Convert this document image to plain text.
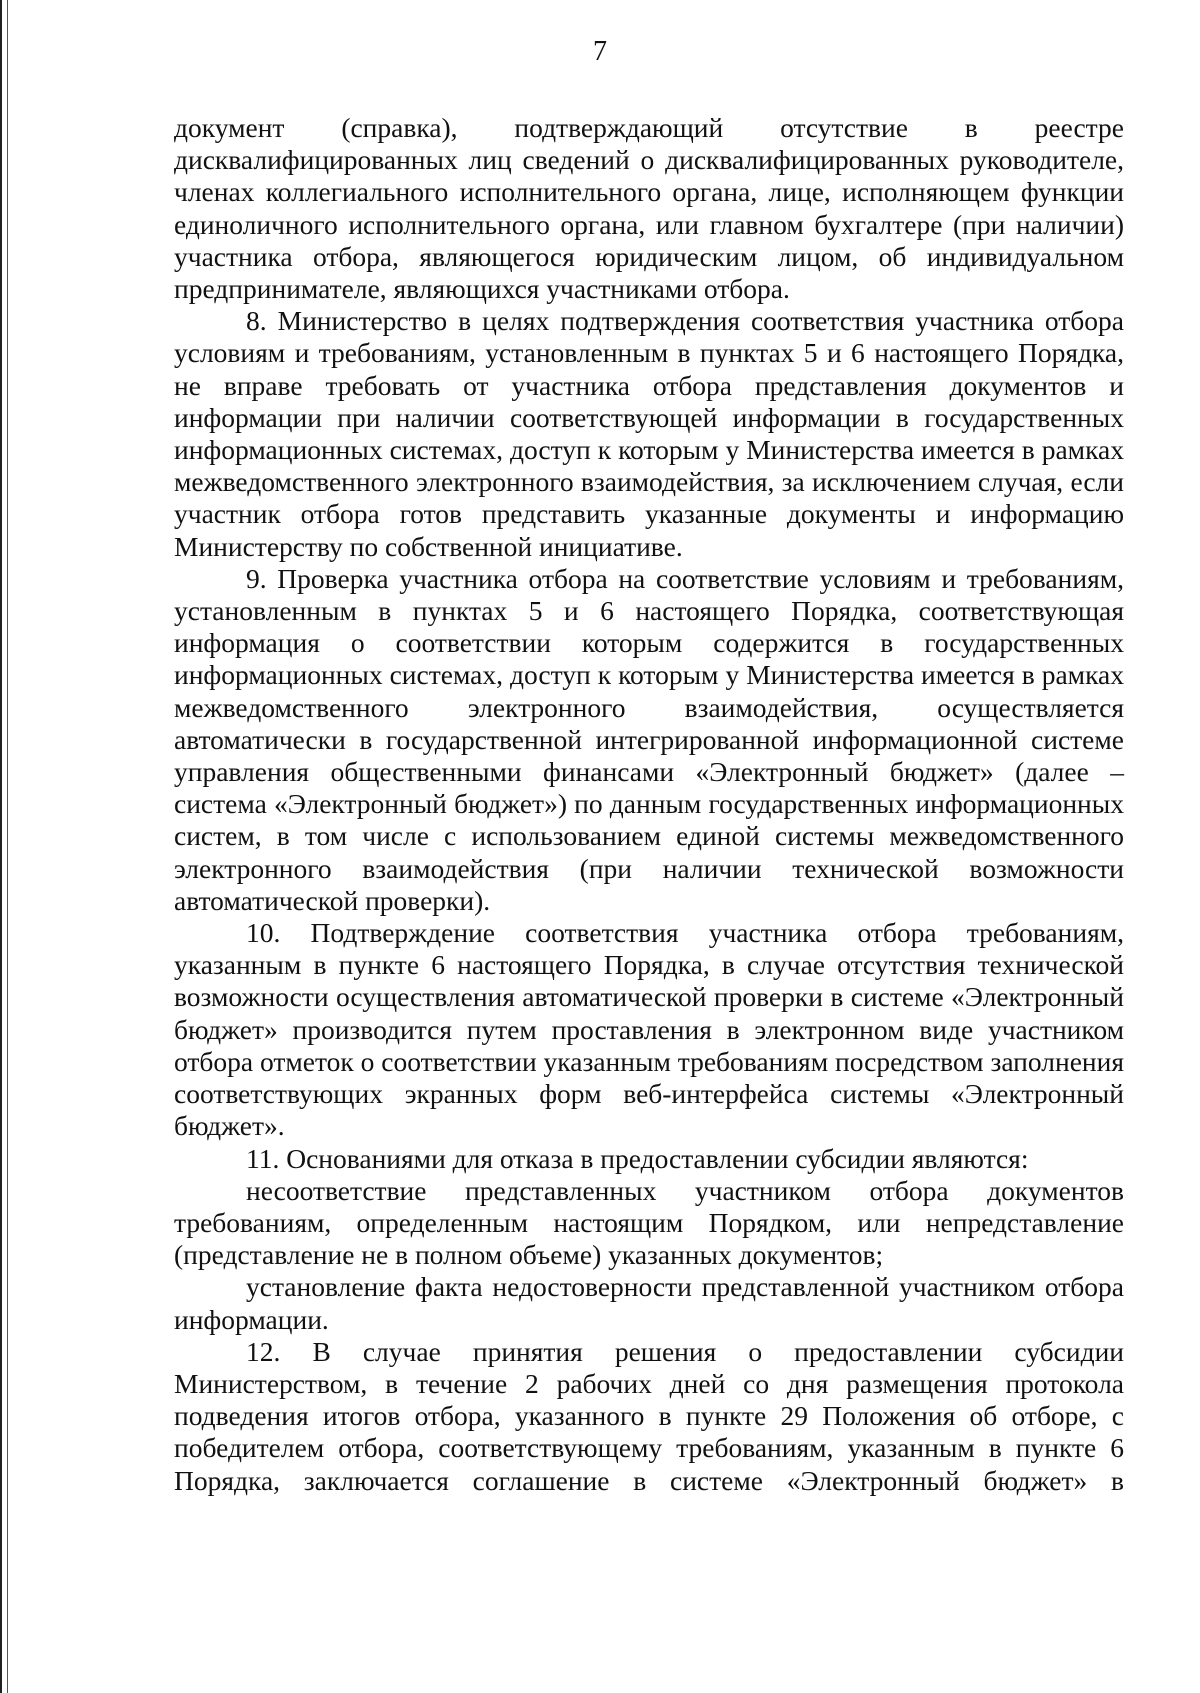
7

документ (справка), подтверждающий отсутствие в реестре дисквалифицированных лиц сведений о дисквалифицированных руководителе, членах коллегиального исполнительного органа, лице, исполняющем функции единоличного исполнительного органа, или главном бухгалтере (при наличии) участника отбора, являющегося юридическим лицом, об индивидуальном предпринимателе, являющихся участниками отбора.

8. Министерство в целях подтверждения соответствия участника отбора условиям и требованиям, установленным в пунктах 5 и 6 настоящего Порядка, не вправе требовать от участника отбора представления документов и информации при наличии соответствующей информации в государственных информационных системах, доступ к которым у Министерства имеется в рамках межведомственного электронного взаимодействия, за исключением случая, если участник отбора готов представить указанные документы и информацию Министерству по собственной инициативе.

9. Проверка участника отбора на соответствие условиям и требованиям, установленным в пунктах 5 и 6 настоящего Порядка, соответствующая информация о соответствии которым содержится в государственных информационных системах, доступ к которым у Министерства имеется в рамках межведомственного электронного взаимодействия, осуществляется автоматически в государственной интегрированной информационной системе управления общественными финансами «Электронный бюджет» (далее – система «Электронный бюджет») по данным государственных информационных систем, в том числе с использованием единой системы межведомственного электронного взаимодействия (при наличии технической возможности автоматической проверки).

10. Подтверждение соответствия участника отбора требованиям, указанным в пункте 6 настоящего Порядка, в случае отсутствия технической возможности осуществления автоматической проверки в системе «Электронный бюджет» производится путем проставления в электронном виде участником отбора отметок о соответствии указанным требованиям посредством заполнения соответствующих экранных форм веб-интерфейса системы «Электронный бюджет».

11. Основаниями для отказа в предоставлении субсидии являются:

несоответствие представленных участником отбора документов требованиям, определенным настоящим Порядком, или непредставление (представление не в полном объеме) указанных документов;

установление факта недостоверности представленной участником отбора информации.

12. В случае принятия решения о предоставлении субсидии Министерством, в течение 2 рабочих дней со дня размещения протокола подведения итогов отбора, указанного в пункте 29 Положения об отборе, с победителем отбора, соответствующему требованиям, указанным в пункте 6 Порядка, заключается соглашение в системе «Электронный бюджет» в
